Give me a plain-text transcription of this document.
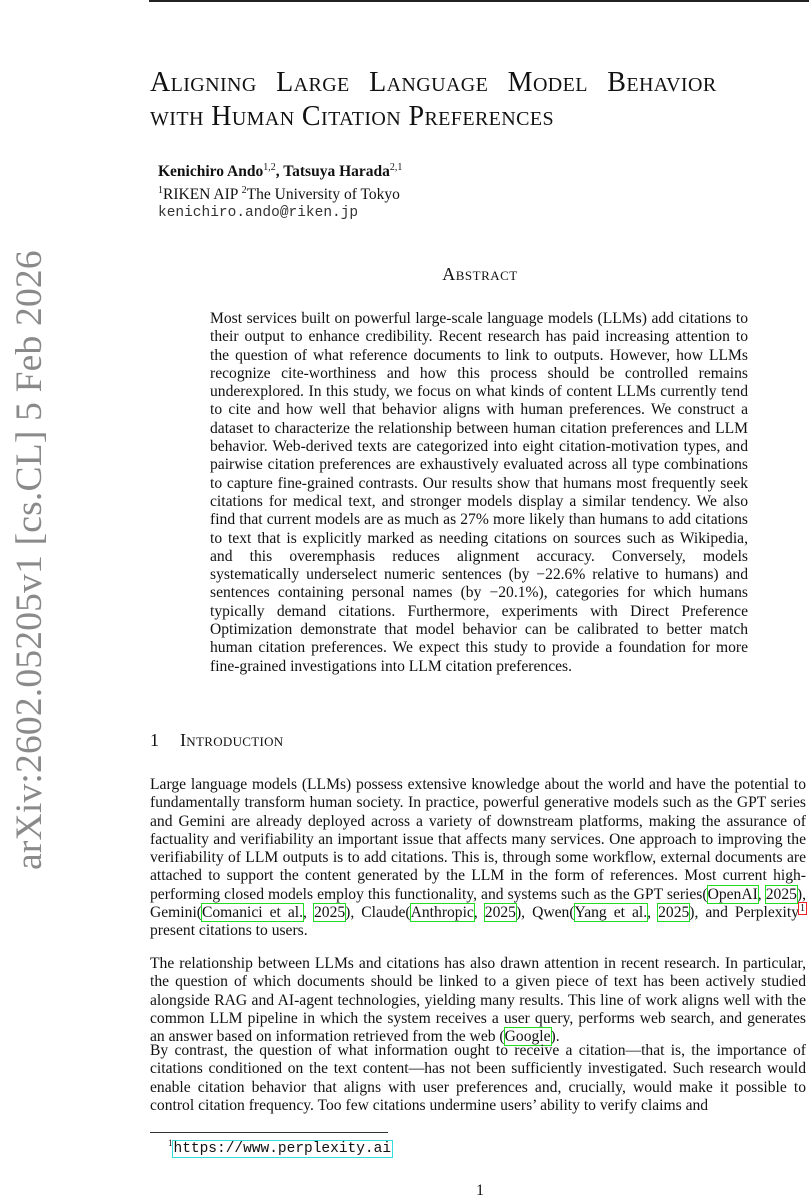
arXiv:2602.05205v1 [cs.CL] 5 Feb 2026
Aligning Large Language Model Behavior
with Human Citation Preferences
Kenichiro Ando$^{1,2}$, Tatsuya Harada$^{2,1}$
$^1$RIKEN AIP $^2$The University of Tokyo
kenichiro.ando@riken.jp
Abstract
Most services built on powerful large-scale language models (LLMs) add citations to their output to enhance credibility. Recent research has paid increasing attention to the question of what reference documents to link to outputs. However, how LLMs recognize cite-worthiness and how this process should be controlled remains underexplored. In this study, we focus on what kinds of content LLMs currently tend to cite and how well that behavior aligns with human preferences. We construct a dataset to characterize the relationship between human citation preferences and LLM behavior. Web-derived texts are categorized into eight citation-motivation types, and pairwise citation preferences are exhaustively evaluated across all type combinations to capture fine-grained contrasts. Our results show that humans most frequently seek citations for medical text, and stronger models display a similar tendency. We also find that current models are as much as 27% more likely than humans to add citations to text that is explicitly marked as needing citations on sources such as Wikipedia, and this overemphasis reduces alignment accuracy. Conversely, models systematically underselect numeric sentences (by −22.6% relative to humans) and sentences containing personal names (by −20.1%), categories for which humans typically demand citations. Furthermore, experiments with Direct Preference Optimization demonstrate that model behavior can be calibrated to better match human citation preferences. We expect this study to provide a foundation for more fine-grained investigations into LLM citation preferences.
1 Introduction
Large language models (LLMs) possess extensive knowledge about the world and have the potential to fundamentally transform human society. In practice, powerful generative models such as the GPT series and Gemini are already deployed across a variety of downstream platforms, making the assurance of factuality and verifiability an important issue that affects many services. One approach to improving the verifiability of LLM outputs is to add citations. This is, through some workflow, external documents are attached to support the content generated by the LLM in the form of references. Most current high-performing closed models employ this functionality, and systems such as the GPT series(OpenAI, 2025), Gemini(Comanici et al., 2025), Claude(Anthropic, 2025), Qwen(Yang et al., 2025), and Perplexity$^1$ present citations to users.
The relationship between LLMs and citations has also drawn attention in recent research. In particular, the question of which documents should be linked to a given piece of text has been actively studied alongside RAG and AI-agent technologies, yielding many results. This line of work aligns well with the common LLM pipeline in which the system receives a user query, performs web search, and generates an answer based on information retrieved from the web (Google).
By contrast, the question of what information ought to receive a citation—that is, the importance of citations conditioned on the text content—has not been sufficiently investigated. Such research would enable citation behavior that aligns with user preferences and, crucially, would make it possible to control citation frequency. Too few citations undermine users’ ability to verify claims and
$^1$https://www.perplexity.ai
1
